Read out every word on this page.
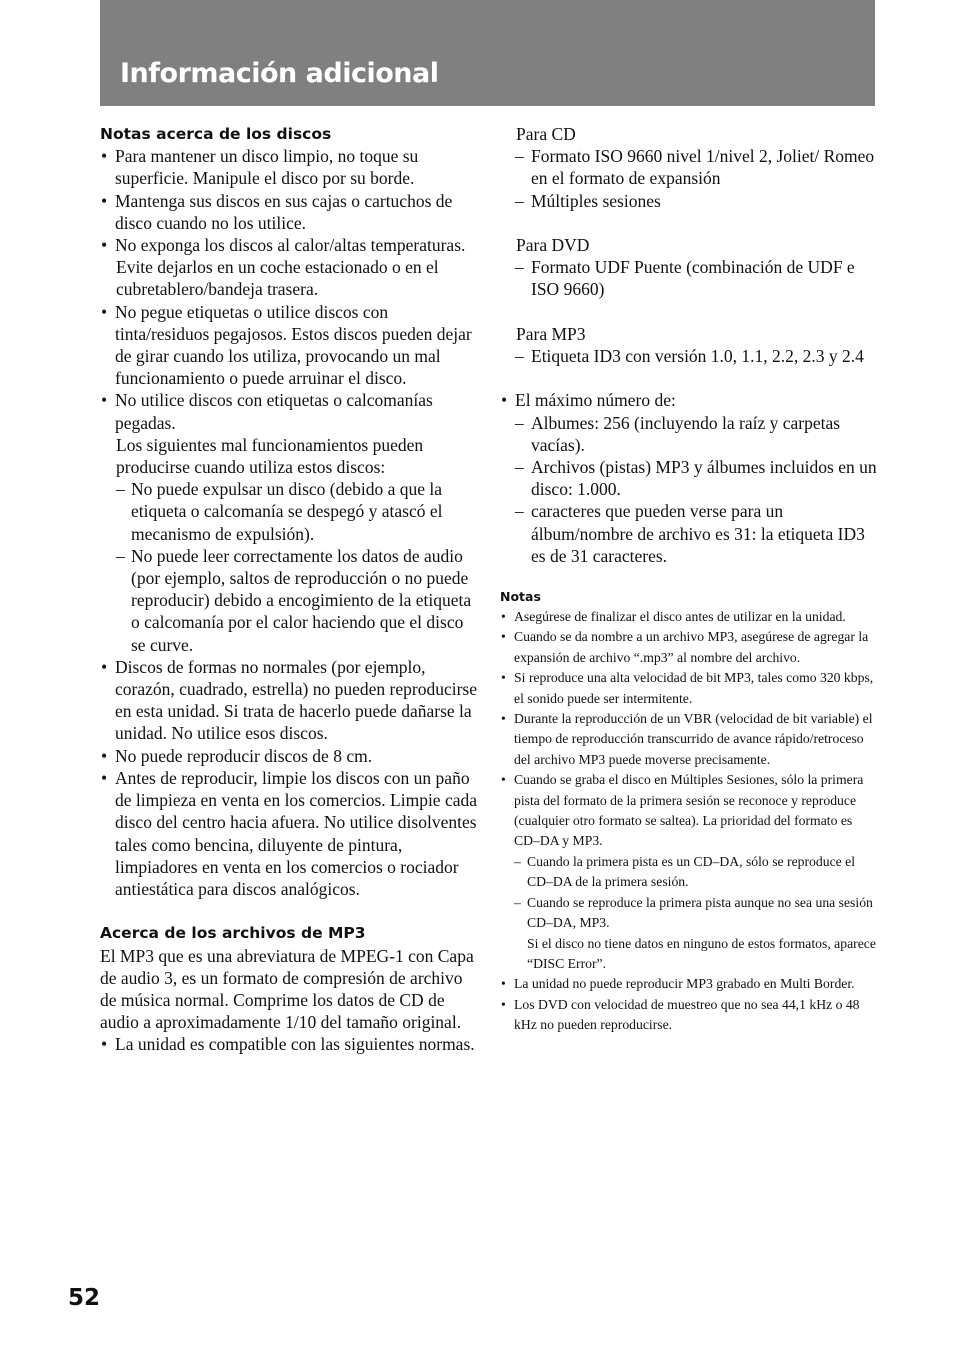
Información adicional
Notas acerca de los discos
• Para mantener un disco limpio, no toque su superficie. Manipule el disco por su borde.
• Mantenga sus discos en sus cajas o cartuchos de disco cuando no los utilice.
• No exponga los discos al calor/altas temperaturas.
Evite dejarlos en un coche estacionado o en el cubretablero/bandeja trasera.
• No pegue etiquetas o utilice discos con tinta/residuos pegajosos. Estos discos pueden dejar de girar cuando los utiliza, provocando un mal funcionamiento o puede arruinar el disco.
• No utilice discos con etiquetas o calcomanías pegadas.
Los siguientes mal funcionamientos pueden producirse cuando utiliza estos discos:
– No puede expulsar un disco (debido a que la etiqueta o calcomanía se despegó y atascó el mecanismo de expulsión).
– No puede leer correctamente los datos de audio (por ejemplo, saltos de reproducción o no puede reproducir) debido a encogimiento de la etiqueta o calcomanía por el calor haciendo que el disco se curve.
• Discos de formas no normales (por ejemplo, corazón, cuadrado, estrella) no pueden reproducirse en esta unidad. Si trata de hacerlo puede dañarse la unidad. No utilice esos discos.
• No puede reproducir discos de 8 cm.
• Antes de reproducir, limpie los discos con un paño de limpieza en venta en los comercios. Limpie cada disco del centro hacia afuera. No utilice disolventes tales como bencina, diluyente de pintura, limpiadores en venta en los comercios o rociador antiestática para discos analógicos.
Acerca de los archivos de MP3
El MP3 que es una abreviatura de MPEG-1 con Capa de audio 3, es un formato de compresión de archivo de música normal. Comprime los datos de CD de audio a aproximadamente 1/10 del tamaño original.
• La unidad es compatible con las siguientes normas.
Para CD
– Formato ISO 9660 nivel 1/nivel 2, Joliet/ Romeo en el formato de expansión
– Múltiples sesiones
Para DVD
– Formato UDF Puente (combinación de UDF e ISO 9660)
Para MP3
– Etiqueta ID3 con versión 1.0, 1.1, 2.2, 2.3 y 2.4
• El máximo número de:
– Albumes: 256 (incluyendo la raíz y carpetas vacías).
– Archivos (pistas) MP3 y álbumes incluidos en un disco: 1.000.
– caracteres que pueden verse para un álbum/nombre de archivo es 31: la etiqueta ID3 es de 31 caracteres.
Notas
• Asegúrese de finalizar el disco antes de utilizar en la unidad.
• Cuando se da nombre a un archivo MP3, asegúrese de agregar la expansión de archivo “.mp3” al nombre del archivo.
• Si reproduce una alta velocidad de bit MP3, tales como 320 kbps, el sonido puede ser intermitente.
• Durante la reproducción de un VBR (velocidad de bit variable) el tiempo de reproducción transcurrido de avance rápido/retroceso del archivo MP3 puede moverse precisamente.
• Cuando se graba el disco en Múltiples Sesiones, sólo la primera pista del formato de la primera sesión se reconoce y reproduce (cualquier otro formato se saltea). La prioridad del formato es CD–DA y MP3.
– Cuando la primera pista es un CD–DA, sólo se reproduce el CD–DA de la primera sesión.
– Cuando se reproduce la primera pista aunque no sea una sesión CD–DA, MP3.
Si el disco no tiene datos en ninguno de estos formatos, aparece “DISC Error”.
• La unidad no puede reproducir MP3 grabado en Multi Border.
• Los DVD con velocidad de muestreo que no sea 44,1 kHz o 48 kHz no pueden reproducirse.
52
